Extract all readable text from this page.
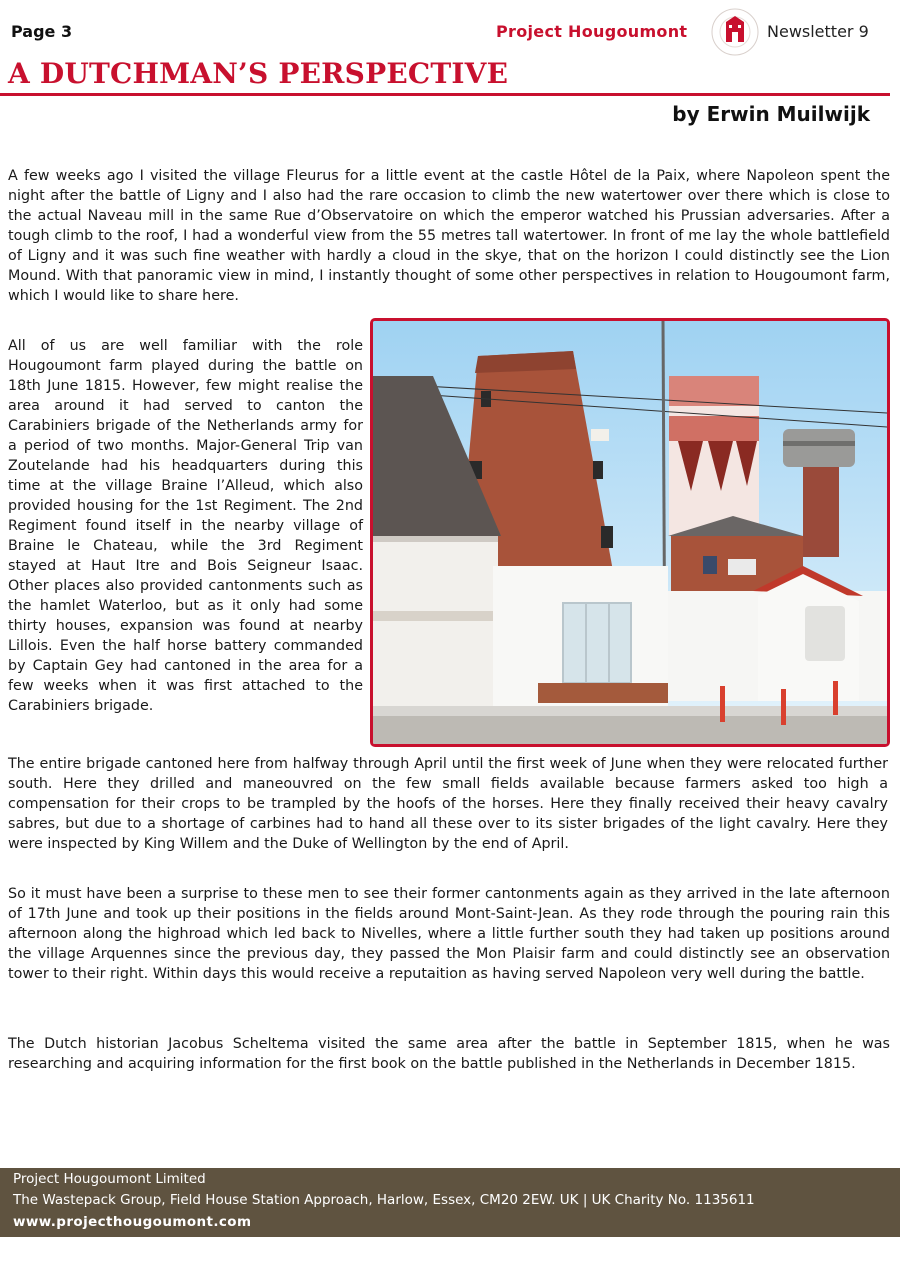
Page 3	Project Hougoumont	Newsletter 9
A DUTCHMAN’S PERSPECTIVE
by Erwin Muilwijk

A few weeks ago I visited the village Fleurus for a little event at the castle Hôtel de la Paix, where Napoleon spent the night after the battle of Ligny and I also had the rare occasion to climb the new watertower over there which is close to the actual Naveau mill in the same Rue d’Observatoire on which the emperor watched his Prussian adversaries. After a tough climb to the roof, I had a wonderful view from the 55 metres tall watertower. In front of me lay the whole battlefield of Ligny and it was such fine weather with hardly a cloud in the skye, that on the horizon I could distinctly see the Lion Mound. With that panoramic view in mind, I instantly thought of some other perspectives in relation to Hougoumont farm, which I would like to share here.

All of us are well familiar with the role Hougoumont farm played during the battle on 18th June 1815. However, few might realise the area around it had served to canton the Carabiniers brigade of the Netherlands army for a period of two months. Major-General Trip van Zoutelande had his headquarters during this time at the village Braine l’Alleud, which also provided housing for the 1st Regiment. The 2nd Regiment found itself in the nearby village of Braine le Chateau, while the 3rd Regiment stayed at Haut Itre and Bois Seigneur Isaac. Other places also provided cantonments such as the hamlet Waterloo, but as it only had some thirty houses, expansion was found at nearby Lillois. Even the half horse battery commanded by Captain Gey had cantoned in the area for a few weeks when it was first attached to the Carabiniers brigade.

The entire brigade cantoned here from halfway through April until the first week of June when they were relocated further south. Here they drilled and maneouvred on the few small fields available because farmers asked too high a compensation for their crops to be trampled by the hoofs of the horses. Here they finally received their heavy cavalry sabres, but due to a shortage of carbines had to hand all these over to its sister brigades of the light cavalry. Here they were inspected by King Willem and the Duke of Wellington by the end of April.

So it must have been a surprise to these men to see their former cantonments again as they arrived in the late afternoon of 17th June and took up their positions in the fields around Mont-Saint-Jean. As they rode through the pouring rain this afternoon along the highroad which led back to Nivelles, where a little further south they had taken up positions around the village Arquennes since the previous day, they passed the Mon Plaisir farm and could distinctly see an observation tower to their right. Within days this would receive a reputaition as having served Napoleon very well during the battle.

The Dutch historian Jacobus Scheltema visited the same area after the battle in September 1815, when he was researching and acquiring information for the first book on the battle published in the Netherlands in December 1815.

Project Hougoumont Limited
The Wastepack Group, Field House Station Approach, Harlow, Essex, CM20 2EW. UK | UK Charity No. 1135611
www.projecthougoumont.com
